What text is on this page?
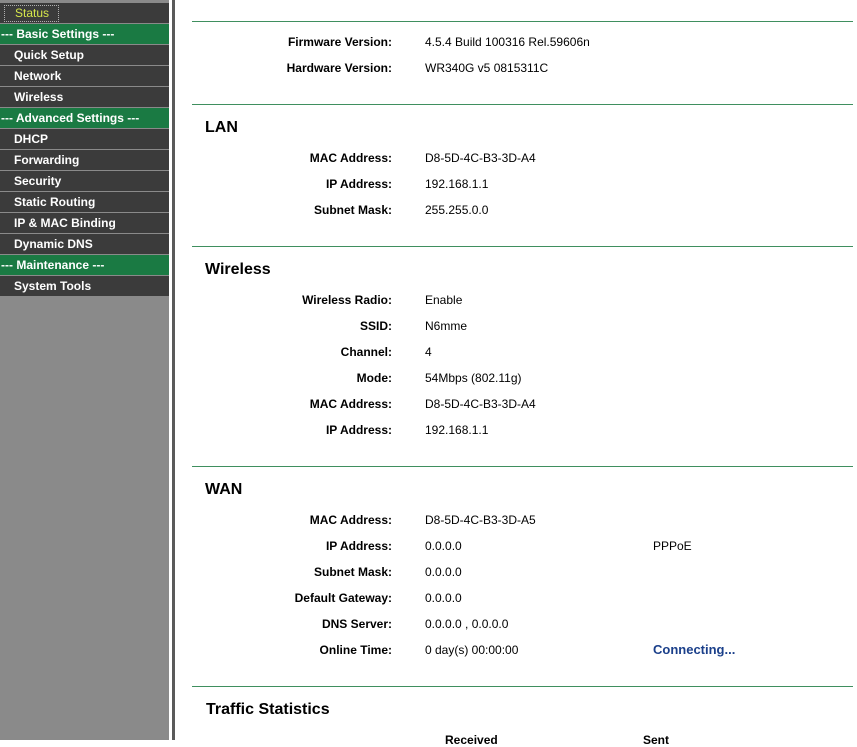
Status
--- Basic Settings ---
Quick Setup
Network
Wireless
--- Advanced Settings ---
DHCP
Forwarding
Security
Static Routing
IP & MAC Binding
Dynamic DNS
--- Maintenance ---
System Tools
Firmware Version:	4.5.4 Build 100316 Rel.59606n
Hardware Version:	WR340G v5 0815311C
LAN
MAC Address:	D8-5D-4C-B3-3D-A4
IP Address:	192.168.1.1
Subnet Mask:	255.255.0.0
Wireless
Wireless Radio:	Enable
SSID:	N6mme
Channel:	4
Mode:	54Mbps (802.11g)
MAC Address:	D8-5D-4C-B3-3D-A4
IP Address:	192.168.1.1
WAN
MAC Address:	D8-5D-4C-B3-3D-A5
IP Address:	0.0.0.0	PPPoE
Subnet Mask:	0.0.0.0
Default Gateway:	0.0.0.0
DNS Server:	0.0.0.0 , 0.0.0.0
Online Time:	0 day(s) 00:00:00	Connecting...
Traffic Statistics
Received	Sent
